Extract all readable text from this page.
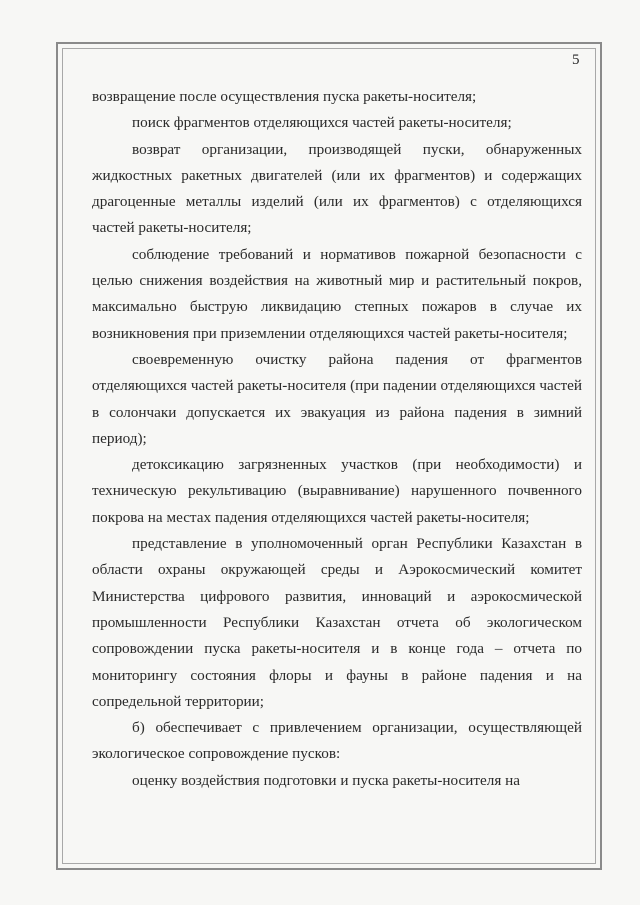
5

возвращение после осуществления пуска ракеты-носителя;

поиск фрагментов отделяющихся частей ракеты-носителя;

возврат организации, производящей пуски, обнаруженных жидкостных ракетных двигателей (или их фрагментов) и содержащих драгоценные металлы изделий (или их фрагментов) с отделяющихся частей ракеты-носителя;

соблюдение требований и нормативов пожарной безопасности с целью снижения воздействия на животный мир и растительный покров, максимально быструю ликвидацию степных пожаров в случае их возникновения при приземлении отделяющихся частей ракеты-носителя;

своевременную очистку района падения от фрагментов отделяющихся частей ракеты-носителя (при падении отделяющихся частей в солончаки допускается их эвакуация из района падения в зимний период);

детоксикацию загрязненных участков (при необходимости) и техническую рекультивацию (выравнивание) нарушенного почвенного покрова на местах падения отделяющихся частей ракеты-носителя;

представление в уполномоченный орган Республики Казахстан в области охраны окружающей среды и Аэрокосмический комитет Министерства цифрового развития, инноваций и аэрокосмической промышленности Республики Казахстан отчета об экологическом сопровождении пуска ракеты-носителя и в конце года – отчета по мониторингу состояния флоры и фауны в районе падения и на сопредельной территории;

б) обеспечивает с привлечением организации, осуществляющей экологическое сопровождение пусков:

оценку воздействия подготовки и пуска ракеты-носителя на
